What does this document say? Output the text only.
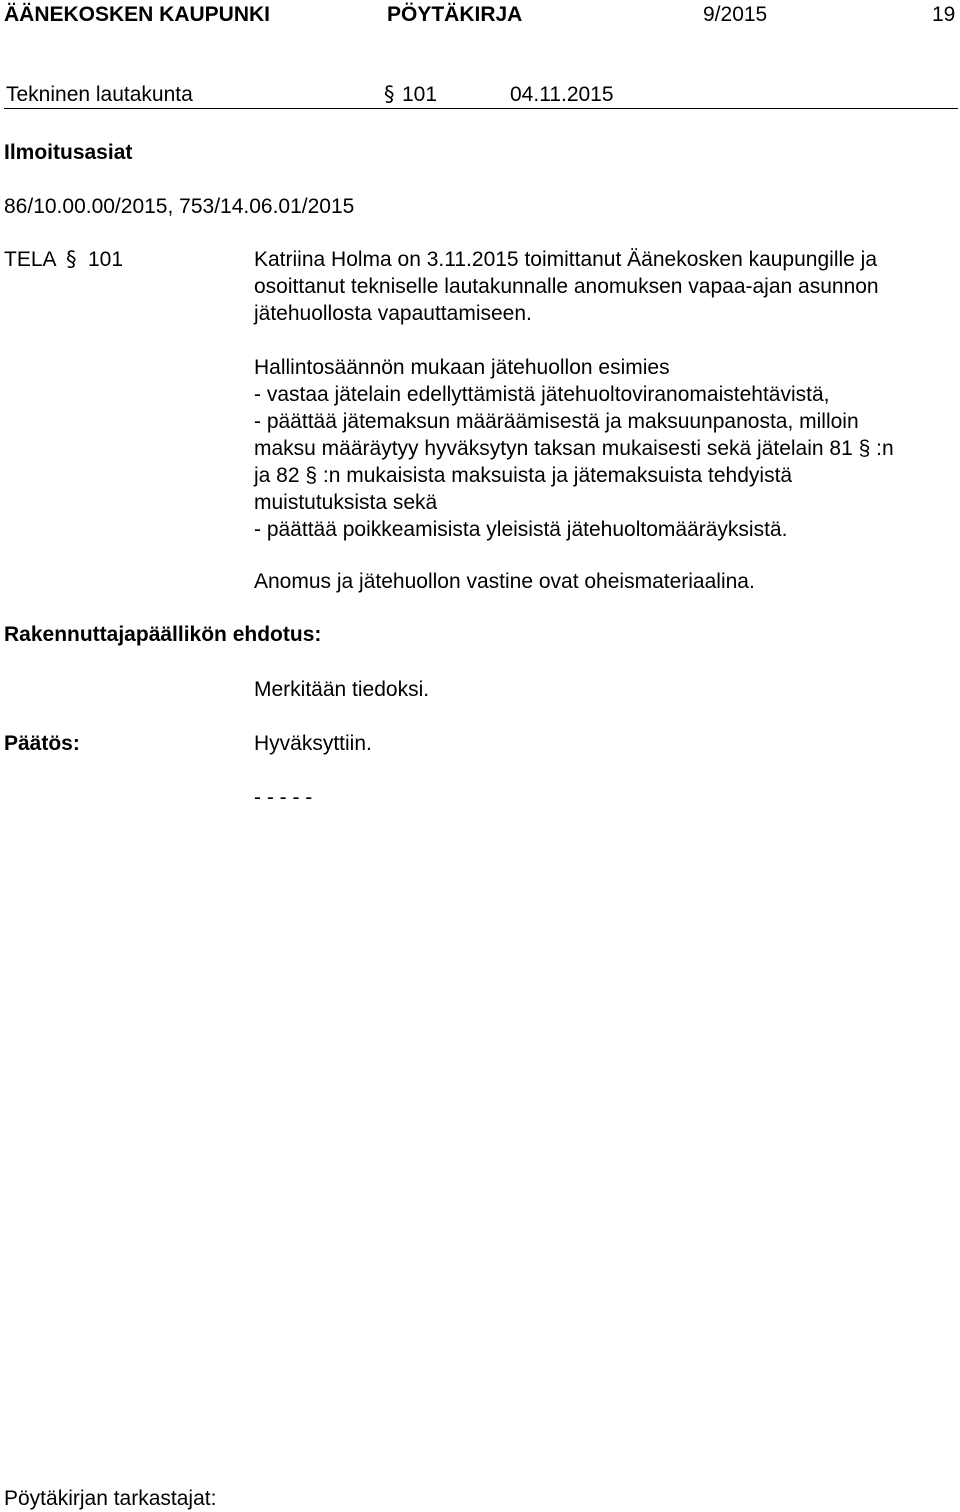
ÄÄNEKOSKEN KAUPUNKI	PÖYTÄKIRJA	9/2015	19
Tekninen lautakunta	§ 101	04.11.2015
Ilmoitusasiat
86/10.00.00/2015, 753/14.06.01/2015
TELA § 101	Katriina Holma on 3.11.2015 toimittanut Äänekosken kaupungille ja
osoittanut tekniselle lautakunnalle anomuksen vapaa-ajan asunnon
jätehuollosta vapauttamiseen.
Hallintosäännön mukaan jätehuollon esimies
- vastaa jätelain edellyttämistä jätehuoltoviranomaistehtävistä,
- päättää jätemaksun määräämisestä ja maksuunpanosta, milloin
maksu määräytyy hyväksytyn taksan mukaisesti sekä jätelain 81 § :n
ja 82 § :n mukaisista maksuista ja jätemaksuista tehdyistä
muistutuksista sekä
- päättää poikkeamisista yleisistä jätehuoltomääräyksistä.
Anomus ja jätehuollon vastine ovat oheismateriaalina.
Rakennuttajapäällikön ehdotus:
Merkitään tiedoksi.
Päätös:	Hyväksyttiin.
- - - - -
Pöytäkirjan tarkastajat:
